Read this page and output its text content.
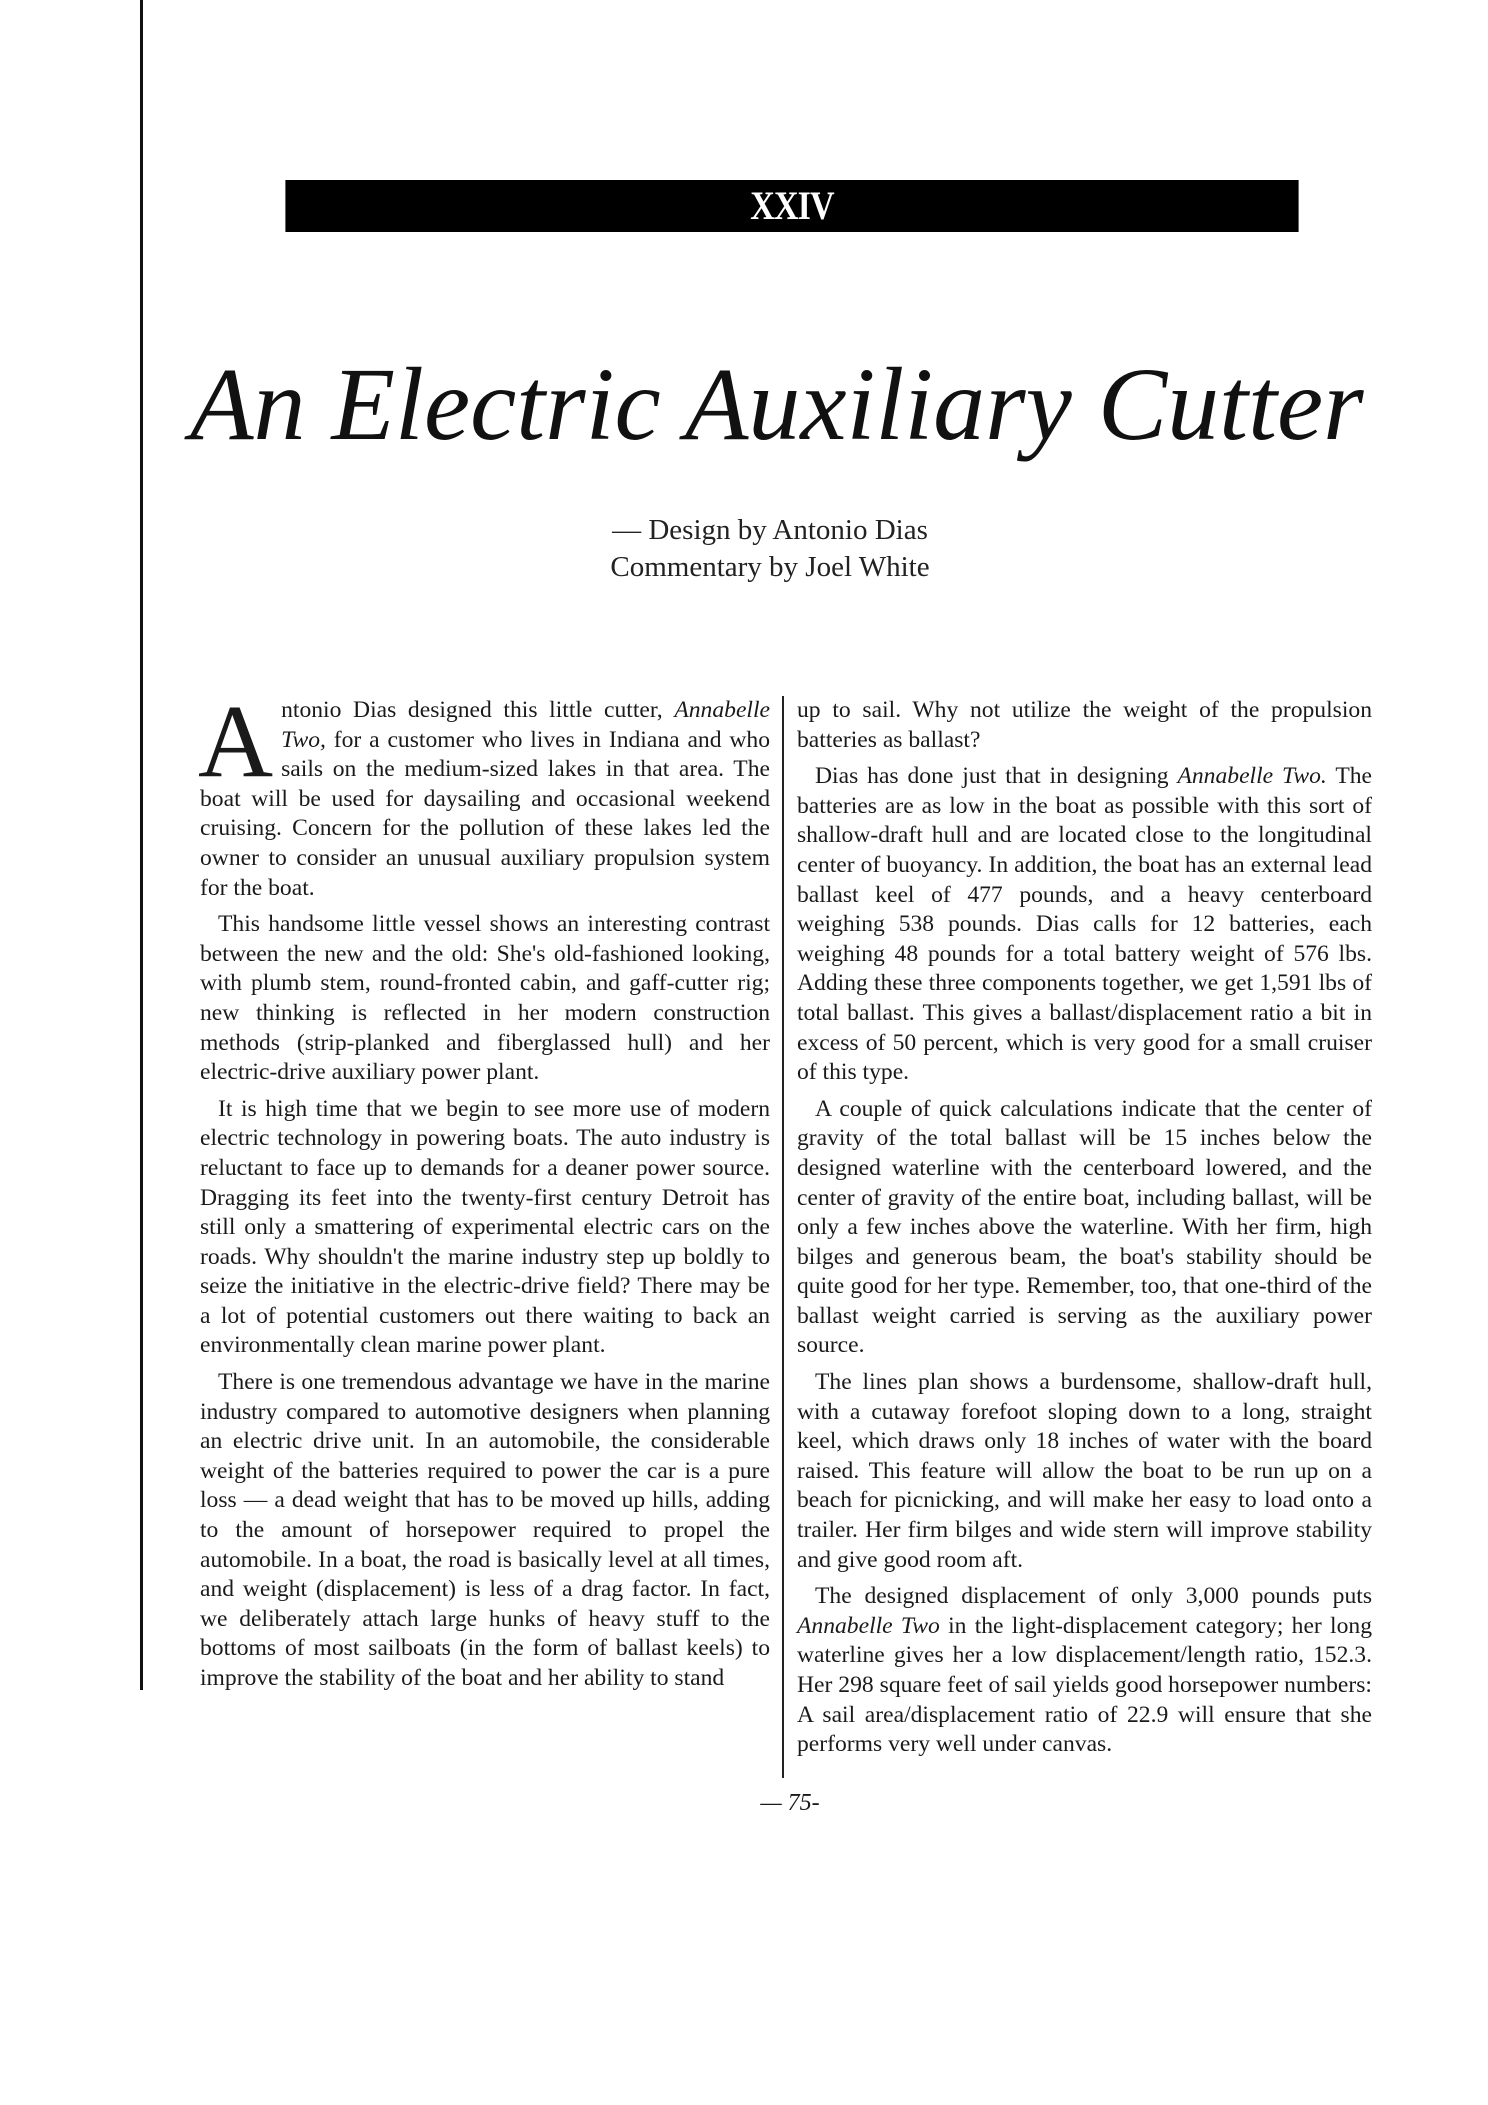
XXIV
An Electric Auxiliary Cutter
— Design by Antonio Dias
Commentary by Joel White

Antonio Dias designed this little cutter, Annabelle Two, for a customer who lives in Indiana and who sails on the medium-sized lakes in that area. The boat will be used for daysailing and occasional weekend cruising. Concern for the pollution of these lakes led the owner to consider an unusual auxiliary propulsion system for the boat.

This handsome little vessel shows an interesting contrast between the new and the old: She's old-fashioned looking, with plumb stem, round-fronted cabin, and gaff-cutter rig; new thinking is reflected in her modern construction methods (strip-planked and fiberglassed hull) and her electric-drive auxiliary power plant.

It is high time that we begin to see more use of modern electric technology in powering boats. The auto industry is reluctant to face up to demands for a deaner power source. Dragging its feet into the twenty-first century Detroit has still only a smattering of experimental electric cars on the roads. Why shouldn't the marine industry step up boldly to seize the initiative in the electric-drive field? There may be a lot of potential customers out there waiting to back an environmentally clean marine power plant.

There is one tremendous advantage we have in the marine industry compared to automotive designers when planning an electric drive unit. In an automobile, the considerable weight of the batteries required to power the car is a pure loss — a dead weight that has to be moved up hills, adding to the amount of horsepower required to propel the automobile. In a boat, the road is basically level at all times, and weight (displacement) is less of a drag factor. In fact, we deliberately attach large hunks of heavy stuff to the bottoms of most sailboats (in the form of ballast keels) to improve the stability of the boat and her ability to stand

up to sail. Why not utilize the weight of the propulsion batteries as ballast?

Dias has done just that in designing Annabelle Two. The batteries are as low in the boat as possible with this sort of shallow-draft hull and are located close to the longitudinal center of buoyancy. In addition, the boat has an external lead ballast keel of 477 pounds, and a heavy centerboard weighing 538 pounds. Dias calls for 12 batteries, each weighing 48 pounds for a total battery weight of 576 lbs. Adding these three components together, we get 1,591 lbs of total ballast. This gives a ballast/displacement ratio a bit in excess of 50 percent, which is very good for a small cruiser of this type.

A couple of quick calculations indicate that the center of gravity of the total ballast will be 15 inches below the designed waterline with the centerboard lowered, and the center of gravity of the entire boat, including ballast, will be only a few inches above the waterline. With her firm, high bilges and generous beam, the boat's stability should be quite good for her type. Remember, too, that one-third of the ballast weight carried is serving as the auxiliary power source.

The lines plan shows a burdensome, shallow-draft hull, with a cutaway forefoot sloping down to a long, straight keel, which draws only 18 inches of water with the board raised. This feature will allow the boat to be run up on a beach for picnicking, and will make her easy to load onto a trailer. Her firm bilges and wide stern will improve stability and give good room aft.

The designed displacement of only 3,000 pounds puts Annabelle Two in the light-displacement category; her long waterline gives her a low displacement/length ratio, 152.3. Her 298 square feet of sail yields good horsepower numbers: A sail area/displacement ratio of 22.9 will ensure that she performs very well under canvas.

— 75-
